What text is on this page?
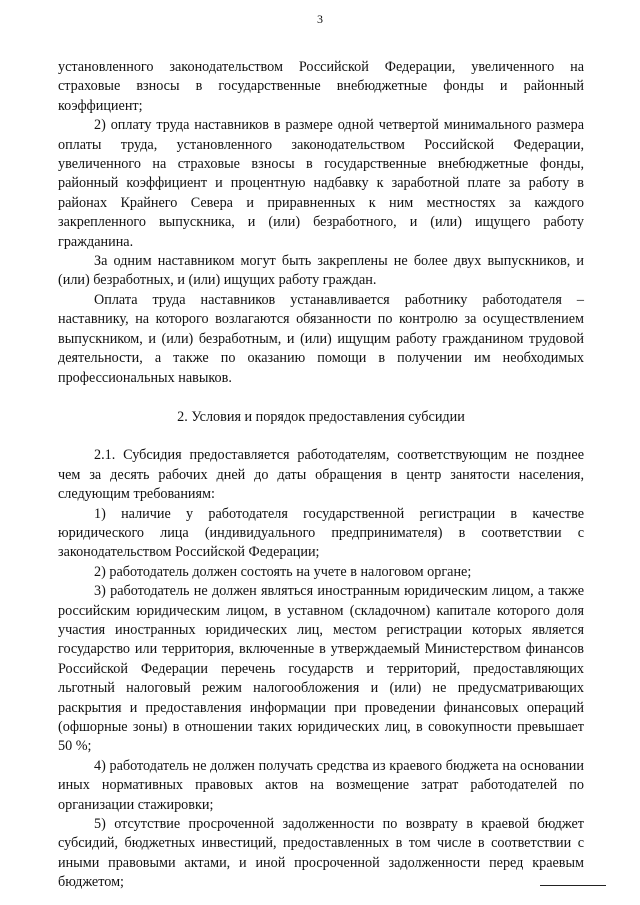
3

установленного законодательством Российской Федерации, увеличенного на страховые взносы в государственные внебюджетные фонды и районный коэффициент;

2) оплату труда наставников в размере одной четвертой минимального размера оплаты труда, установленного законодательством Российской Федерации, увеличенного на страховые взносы в государственные внебюджетные фонды, районный коэффициент и процентную надбавку к заработной плате за работу в районах Крайнего Севера и приравненных к ним местностях за каждого закрепленного выпускника, и (или) безработного, и (или) ищущего работу гражданина.

За одним наставником могут быть закреплены не более двух выпускников, и (или) безработных, и (или) ищущих работу граждан.

Оплата труда наставников устанавливается работнику работодателя – наставнику, на которого возлагаются обязанности по контролю за осуществлением выпускником, и (или) безработным, и (или) ищущим работу гражданином трудовой деятельности, а также по оказанию помощи в получении им необходимых профессиональных навыков.

2. Условия и порядок предоставления субсидии

2.1. Субсидия предоставляется работодателям, соответствующим не позднее чем за десять рабочих дней до даты обращения в центр занятости населения, следующим требованиям:

1) наличие у работодателя государственной регистрации в качестве юридического лица (индивидуального предпринимателя) в соответствии с законодательством Российской Федерации;

2) работодатель должен состоять на учете в налоговом органе;

3) работодатель не должен являться иностранным юридическим лицом, а также российским юридическим лицом, в уставном (складочном) капитале которого доля участия иностранных юридических лиц, местом регистрации которых является государство или территория, включенные в утверждаемый Министерством финансов Российской Федерации перечень государств и территорий, предоставляющих льготный налоговый режим налогообложения и (или) не предусматривающих раскрытия и предоставления информации при проведении финансовых операций (офшорные зоны) в отношении таких юридических лиц, в совокупности превышает 50 %;

4) работодатель не должен получать средства из краевого бюджета на основании иных нормативных правовых актов на возмещение затрат работодателей по организации стажировки;

5) отсутствие просроченной задолженности по возврату в краевой бюджет субсидий, бюджетных инвестиций, предоставленных в том числе в соответствии с иными правовыми актами, и иной просроченной задолженности перед краевым бюджетом;
